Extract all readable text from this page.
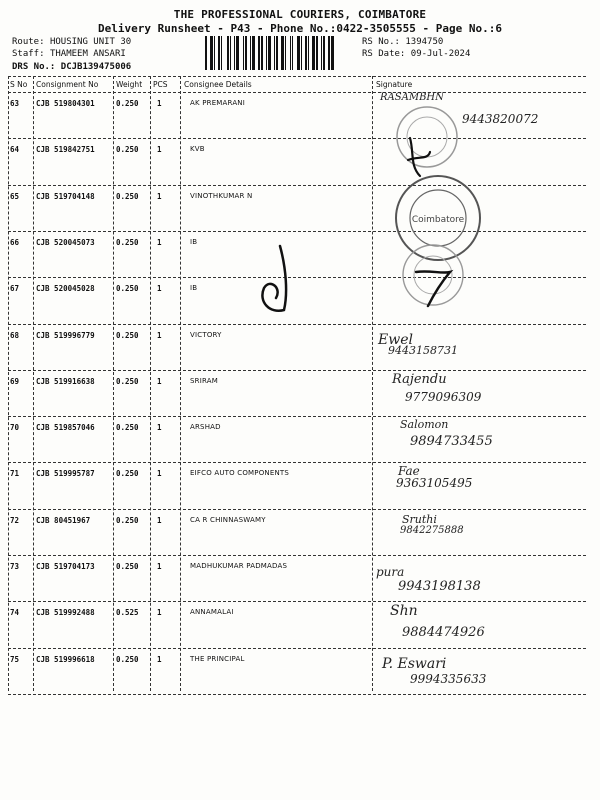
THE PROFESSIONAL COURIERS, COIMBATORE
Delivery Runsheet - P43 - Phone No.:0422-3505555 - Page No.:6
Route: HOUSING UNIT 30
Staff: THAMEEM ANSARI
DRS No.: DCJB139475006
RS No.: 1394750
RS Date: 09-Jul-2024
S No Consignment No Weight PCS Consignee Details	Signature
63 CJB 519804301	0.250 1	AK PREMARANI	RASAMBHN
9443820072
64 CJB 519842751	0.250 1	KVB
65 CJB 519704148	0.250 1	VINOTHKUMAR N
66 CJB 520045073	0.250 1	IB
67 CJB 520045028	0.250 1	IB
68 CJB 519996779	0.250 1	VICTORY	Ewel
9443158731
69 CJB 519916638	0.250 1	SRIRAM	Rajendu
9779096309
70 CJB 519857046	0.250 1	ARSHAD	Salomon
9894733455
71 CJB 519995787	0.250 1	EIFCO AUTO COMPONENTS	Fae
9363105495
72 CJB 80451967	0.250 1	CA R CHINNASWAMY	Sruthi
9842275888
73 CJB 519704173	0.250 1	MADHUKUMAR PADMADAS	pura
9943198138
74 CJB 519992488	0.525 1	ANNAMALAI	Shn
9884474926
75 CJB 519996618	0.250 1	THE PRINCIPAL	P. Eswari
9994335633
Coimbatore
